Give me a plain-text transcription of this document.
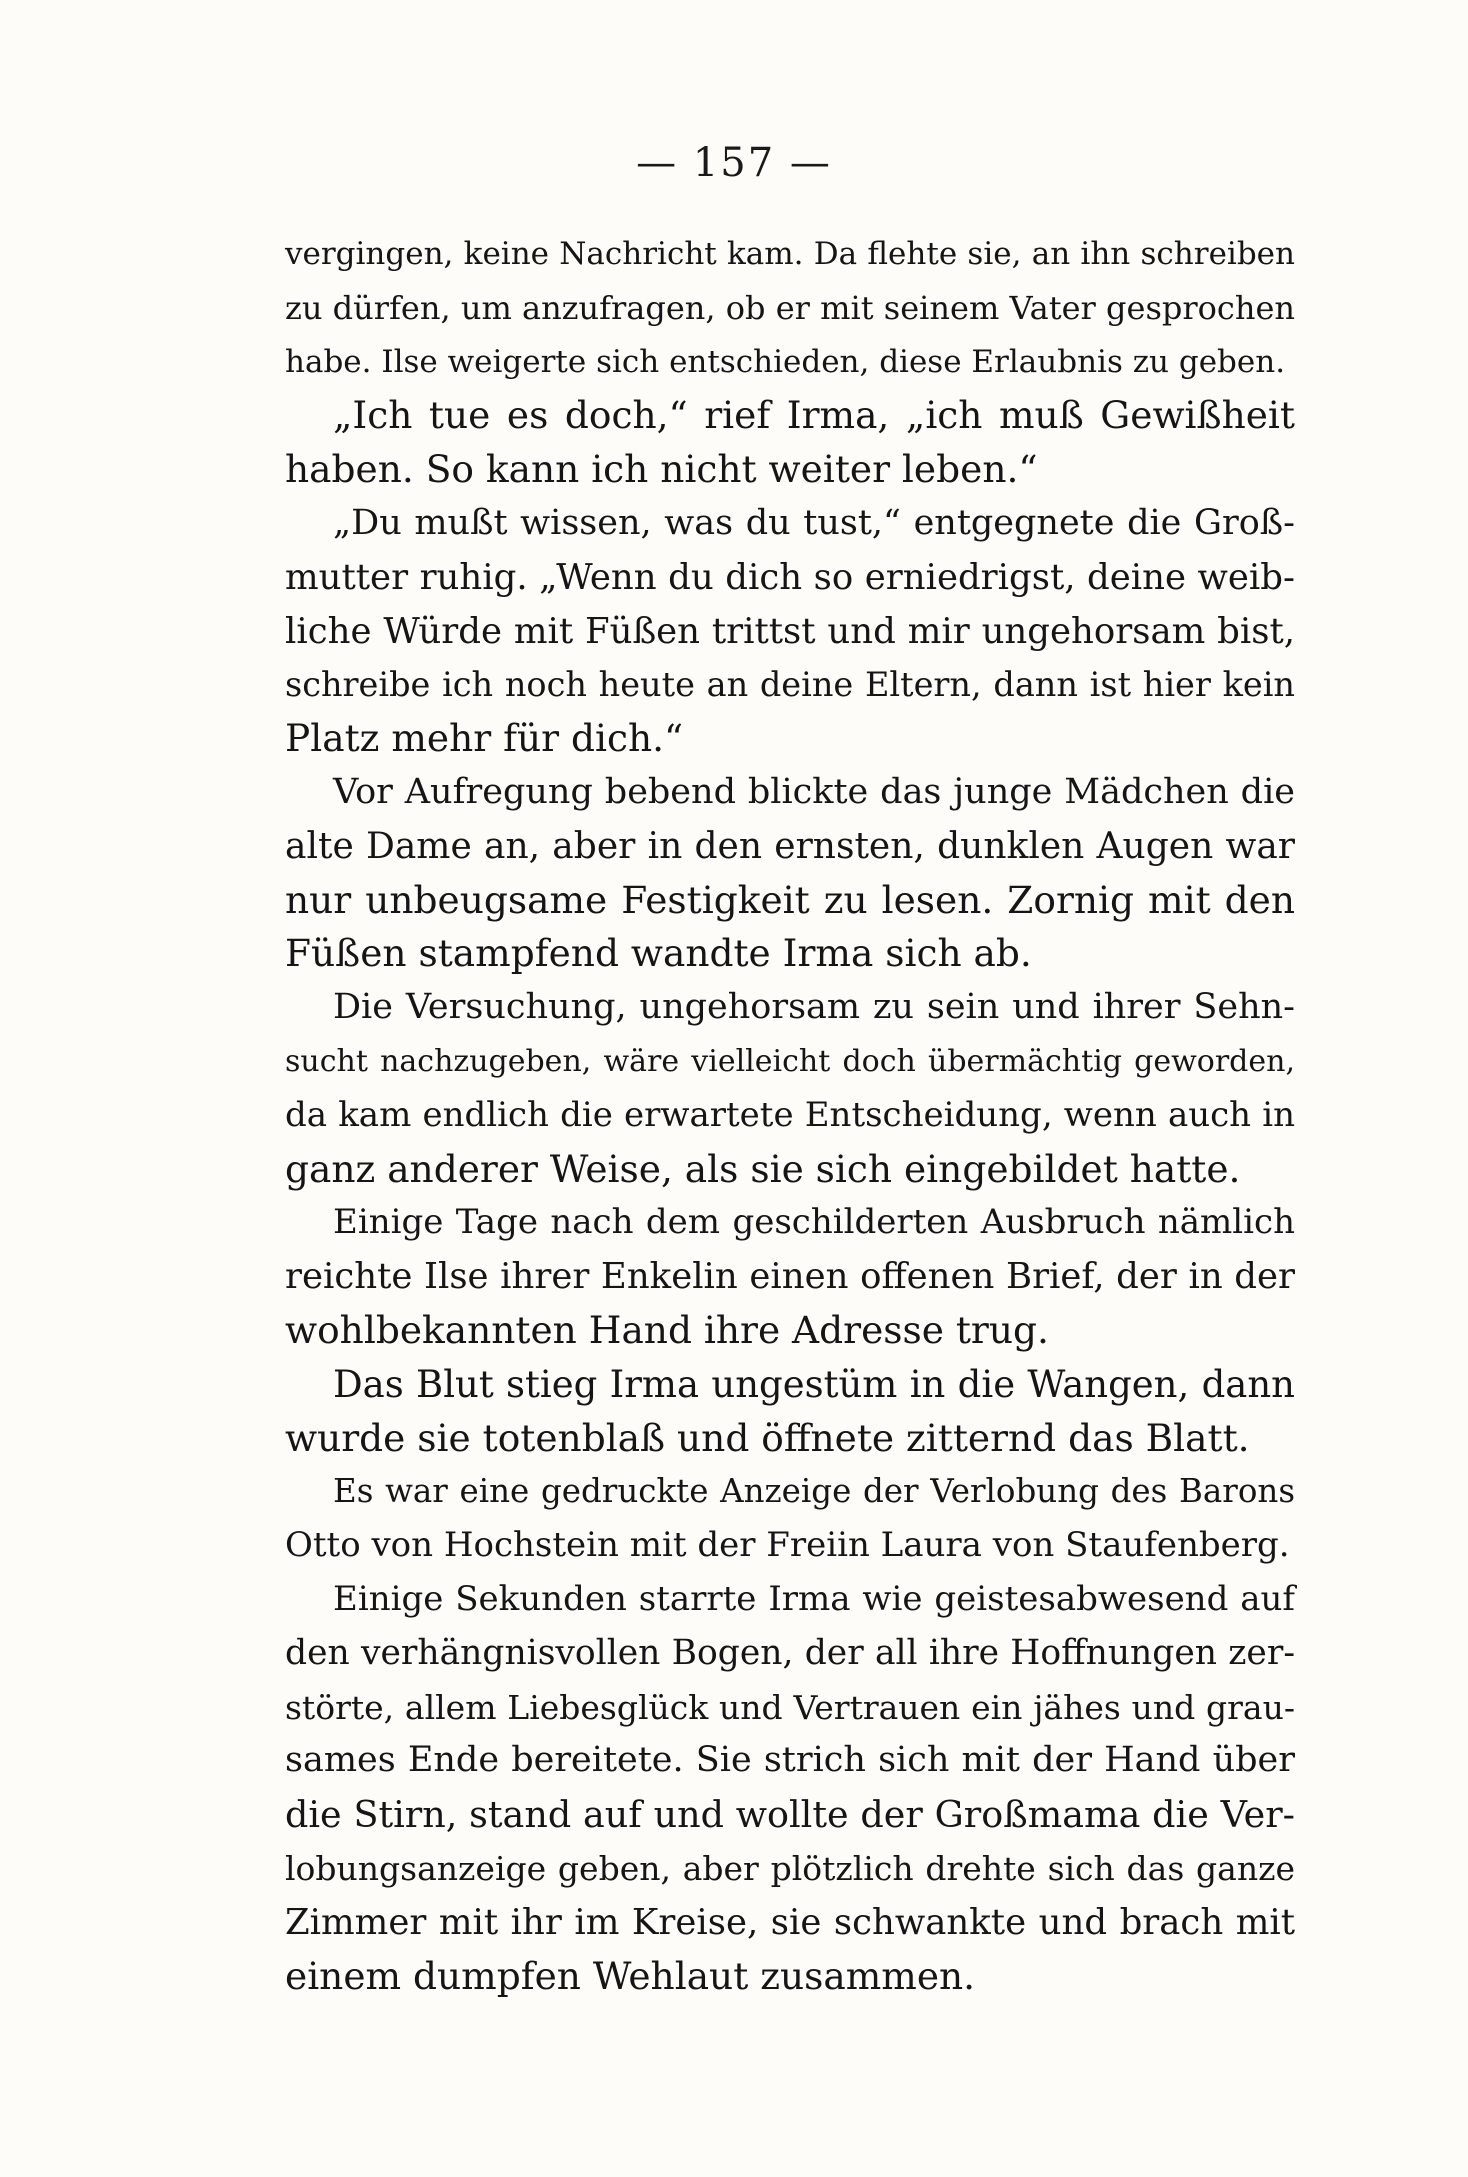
— 157 —
vergingen, keine Nachricht kam. Da flehte sie, an ihn schreiben
zu dürfen, um anzufragen, ob er mit seinem Vater gesprochen
habe. Ilse weigerte sich entschieden, diese Erlaubnis zu geben.
„Ich tue es doch,“ rief Irma, „ich muß Gewißheit
haben. So kann ich nicht weiter leben.“
„Du mußt wissen, was du tust,“ entgegnete die Groß-
mutter ruhig. „Wenn du dich so erniedrigst, deine weib-
liche Würde mit Füßen trittst und mir ungehorsam bist,
schreibe ich noch heute an deine Eltern, dann ist hier kein
Platz mehr für dich.“
Vor Aufregung bebend blickte das junge Mädchen die
alte Dame an, aber in den ernsten, dunklen Augen war
nur unbeugsame Festigkeit zu lesen. Zornig mit den
Füßen stampfend wandte Irma sich ab.
Die Versuchung, ungehorsam zu sein und ihrer Sehn-
sucht nachzugeben, wäre vielleicht doch übermächtig geworden,
da kam endlich die erwartete Entscheidung, wenn auch in
ganz anderer Weise, als sie sich eingebildet hatte.
Einige Tage nach dem geschilderten Ausbruch nämlich
reichte Ilse ihrer Enkelin einen offenen Brief, der in der
wohlbekannten Hand ihre Adresse trug.
Das Blut stieg Irma ungestüm in die Wangen, dann
wurde sie totenblaß und öffnete zitternd das Blatt.
Es war eine gedruckte Anzeige der Verlobung des Barons
Otto von Hochstein mit der Freiin Laura von Staufenberg.
Einige Sekunden starrte Irma wie geistesabwesend auf
den verhängnisvollen Bogen, der all ihre Hoffnungen zer-
störte, allem Liebesglück und Vertrauen ein jähes und grau-
sames Ende bereitete. Sie strich sich mit der Hand über
die Stirn, stand auf und wollte der Großmama die Ver-
lobungsanzeige geben, aber plötzlich drehte sich das ganze
Zimmer mit ihr im Kreise, sie schwankte und brach mit
einem dumpfen Wehlaut zusammen.
